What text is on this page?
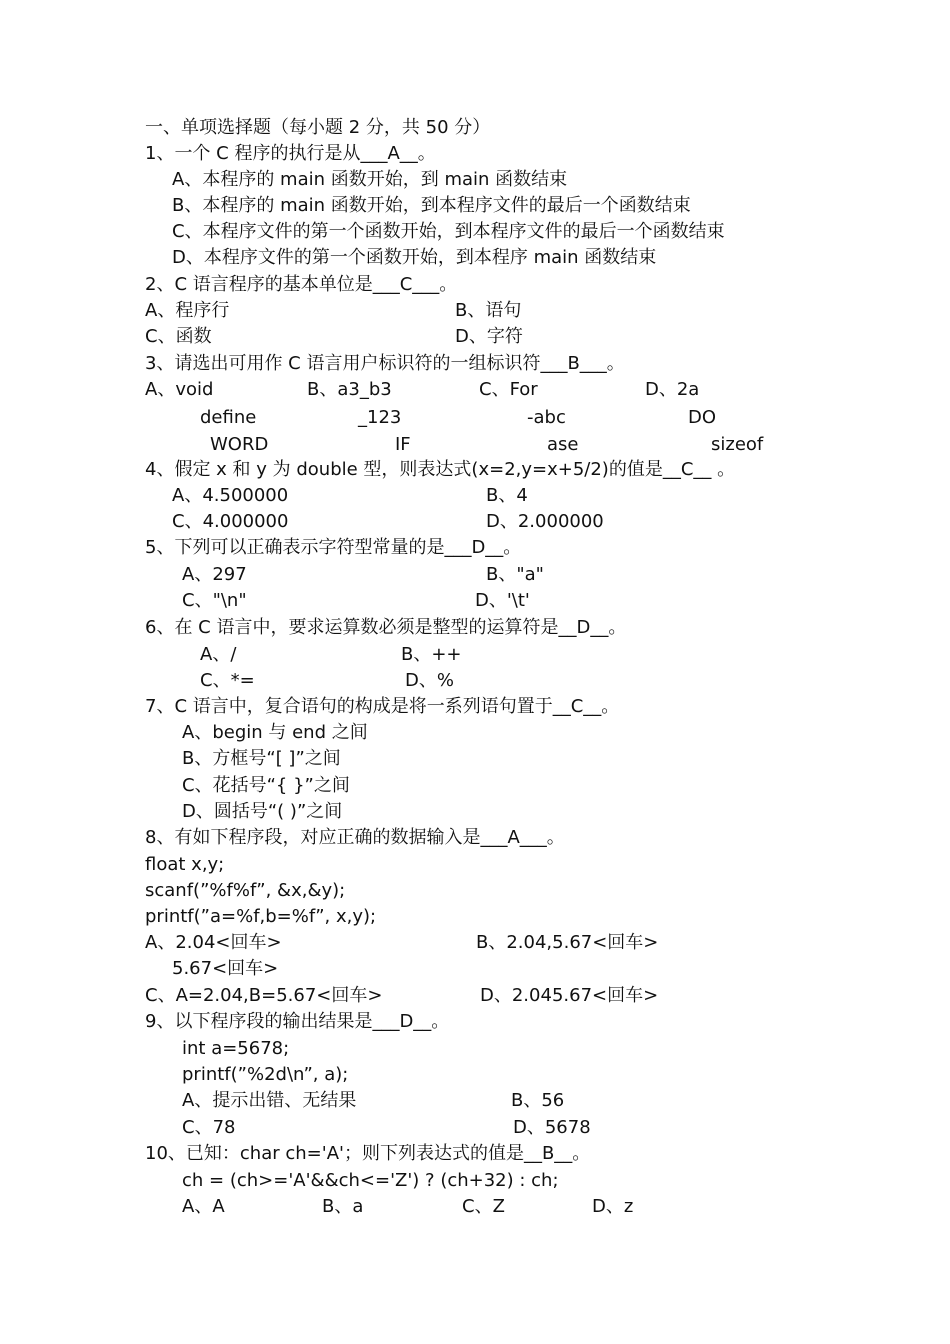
一、单项选择题（每小题 2 分，共 50 分）
1、一个 C 程序的执行是从___A__。
A、本程序的 main 函数开始，到 main 函数结束
B、本程序的 main 函数开始，到本程序文件的最后一个函数结束
C、本程序文件的第一个函数开始，到本程序文件的最后一个函数结束
D、本程序文件的第一个函数开始，到本程序 main 函数结束
2、C 语言程序的基本单位是___C___。
A、程序行	B、语句
C、函数	D、字符
3、请选出可用作 C 语言用户标识符的一组标识符___B___。
A、void	B、a3_b3	C、For	D、2a
define	_123	-abc	DO
WORD	IF	ase	sizeof
4、假定 x 和 y 为 double 型，则表达式(x=2,y=x+5/2)的值是__C__ 。
A、4.500000	B、4
C、4.000000	D、2.000000
5、下列可以正确表示字符型常量的是___D__。
A、297	B、"a"
C、"\n"	D、'\t'
6、在 C 语言中，要求运算数必须是整型的运算符是__D__。
A、/	B、++
C、*=	D、%
7、C 语言中，复合语句的构成是将一系列语句置于__C__。
A、begin 与 end 之间
B、方框号“[ ]”之间
C、花括号“{ }”之间
D、圆括号“( )”之间
8、有如下程序段，对应正确的数据输入是___A___。
float x,y;
scanf(”%f%f”, &x,&y);
printf(”a=%f,b=%f”, x,y);
A、2.04<回车>	B、2.04,5.67<回车>
5.67<回车>
C、A=2.04,B=5.67<回车>	D、2.045.67<回车>
9、以下程序段的输出结果是___D__。
int a=5678;
printf(”%2d\n”, a);
A、提示出错、无结果	B、56
C、78	D、5678
10、已知：char ch='A'；则下列表达式的值是__B__。
ch = (ch>='A'&&ch<='Z') ? (ch+32) : ch;
A、A	B、a	C、Z	D、z
